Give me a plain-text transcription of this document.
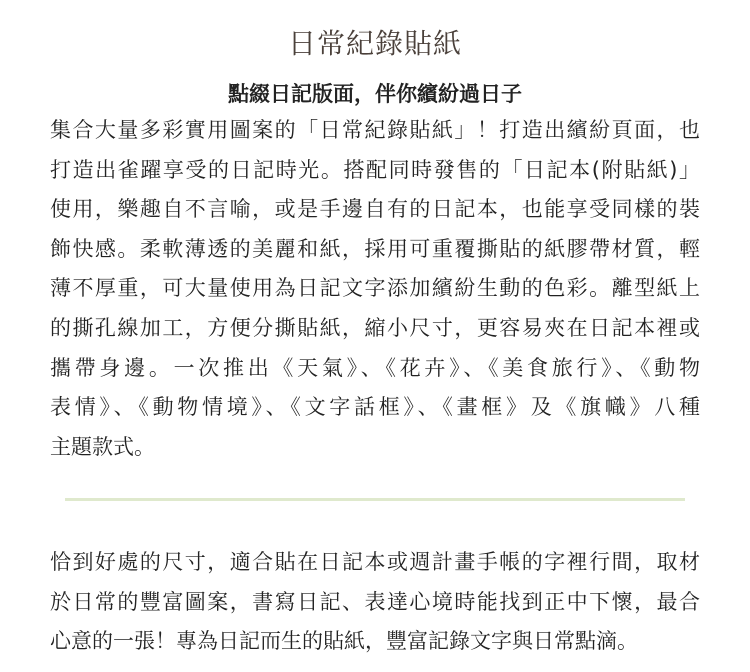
日常紀錄貼紙
點綴日記版面，伴你繽紛過日子
集合大量多彩實用圖案的「日常紀錄貼紙」！打造出繽紛頁面，也
打造出雀躍享受的日記時光。搭配同時發售的「日記本(附貼紙)」
使用，樂趣自不言喻，或是手邊自有的日記本，也能享受同樣的裝
飾快感。柔軟薄透的美麗和紙，採用可重覆撕貼的紙膠帶材質，輕
薄不厚重，可大量使用為日記文字添加繽紛生動的色彩。離型紙上
的撕孔線加工，方便分撕貼紙，縮小尺寸，更容易夾在日記本裡或
攜帶身邊。一次推出《天氣》、《花卉》、《美食旅行》、《動物
表情》、《動物情境》、《文字話框》、《畫框》及《旗幟》八種
主題款式。
恰到好處的尺寸，適合貼在日記本或週計畫手帳的字裡行間，取材
於日常的豐富圖案，書寫日記、表達心境時能找到正中下懷，最合
心意的一張！專為日記而生的貼紙，豐富記錄文字與日常點滴。
